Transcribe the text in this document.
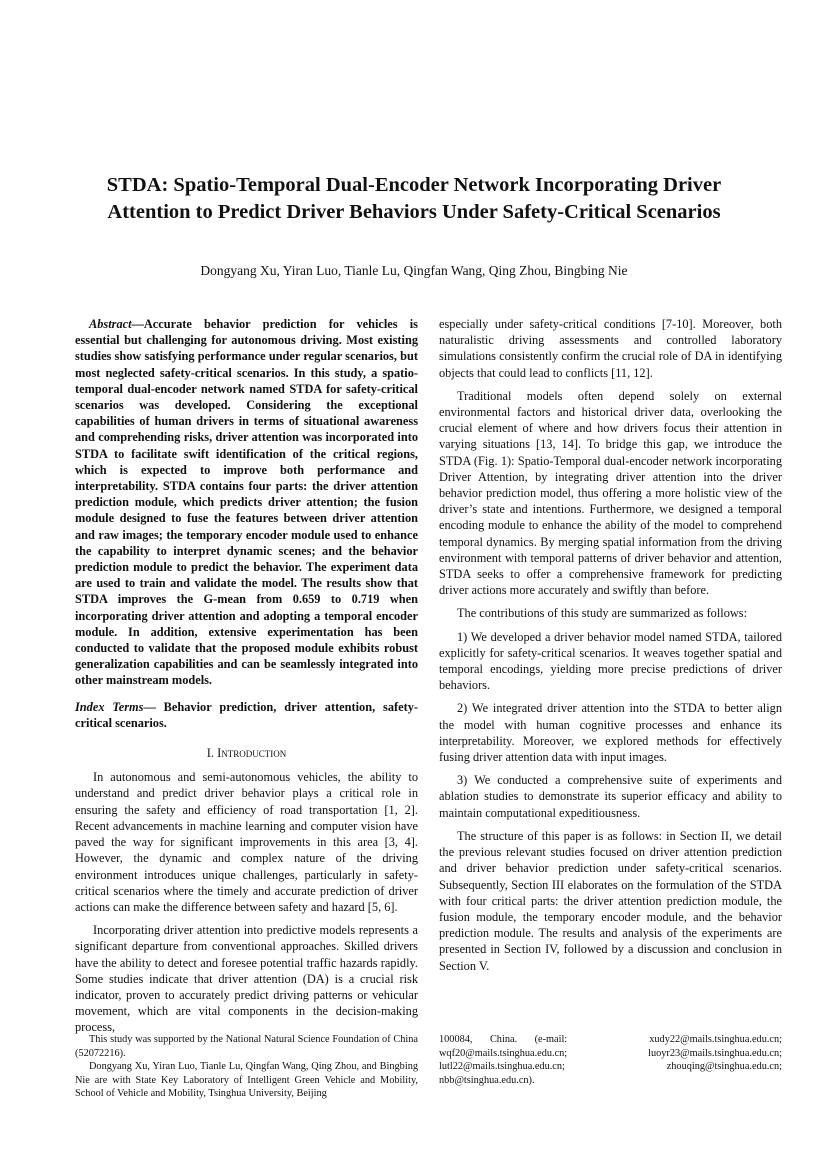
STDA: Spatio-Temporal Dual-Encoder Network Incorporating Driver Attention to Predict Driver Behaviors Under Safety-Critical Scenarios

Dongyang Xu, Yiran Luo, Tianle Lu, Qingfan Wang, Qing Zhou, Bingbing Nie

Abstract—Accurate behavior prediction for vehicles is essential but challenging for autonomous driving. Most existing studies show satisfying performance under regular scenarios, but most neglected safety-critical scenarios. In this study, a spatio-temporal dual-encoder network named STDA for safety-critical scenarios was developed. Considering the exceptional capabilities of human drivers in terms of situational awareness and comprehending risks, driver attention was incorporated into STDA to facilitate swift identification of the critical regions, which is expected to improve both performance and interpretability. STDA contains four parts: the driver attention prediction module, which predicts driver attention; the fusion module designed to fuse the features between driver attention and raw images; the temporary encoder module used to enhance the capability to interpret dynamic scenes; and the behavior prediction module to predict the behavior. The experiment data are used to train and validate the model. The results show that STDA improves the G-mean from 0.659 to 0.719 when incorporating driver attention and adopting a temporal encoder module. In addition, extensive experimentation has been conducted to validate that the proposed module exhibits robust generalization capabilities and can be seamlessly integrated into other mainstream models.

Index Terms— Behavior prediction, driver attention, safety-critical scenarios.

I. Introduction

In autonomous and semi-autonomous vehicles, the ability to understand and predict driver behavior plays a critical role in ensuring the safety and efficiency of road transportation [1, 2]. Recent advancements in machine learning and computer vision have paved the way for significant improvements in this area [3, 4]. However, the dynamic and complex nature of the driving environment introduces unique challenges, particularly in safety-critical scenarios where the timely and accurate prediction of driver actions can make the difference between safety and hazard [5, 6].

Incorporating driver attention into predictive models represents a significant departure from conventional approaches. Skilled drivers have the ability to detect and foresee potential traffic hazards rapidly. Some studies indicate that driver attention (DA) is a crucial risk indicator, proven to accurately predict driving patterns or vehicular movement, which are vital components in the decision-making process,

especially under safety-critical conditions [7-10]. Moreover, both naturalistic driving assessments and controlled laboratory simulations consistently confirm the crucial role of DA in identifying objects that could lead to conflicts [11, 12].

Traditional models often depend solely on external environmental factors and historical driver data, overlooking the crucial element of where and how drivers focus their attention in varying situations [13, 14]. To bridge this gap, we introduce the STDA (Fig. 1): Spatio-Temporal dual-encoder network incorporating Driver Attention, by integrating driver attention into the driver behavior prediction model, thus offering a more holistic view of the driver’s state and intentions. Furthermore, we designed a temporal encoding module to enhance the ability of the model to comprehend temporal dynamics. By merging spatial information from the driving environment with temporal patterns of driver behavior and attention, STDA seeks to offer a comprehensive framework for predicting driver actions more accurately and swiftly than before.

The contributions of this study are summarized as follows:

1) We developed a driver behavior model named STDA, tailored explicitly for safety-critical scenarios. It weaves together spatial and temporal encodings, yielding more precise predictions of driver behaviors.

2) We integrated driver attention into the STDA to better align the model with human cognitive processes and enhance its interpretability. Moreover, we explored methods for effectively fusing driver attention data with input images.

3) We conducted a comprehensive suite of experiments and ablation studies to demonstrate its superior efficacy and ability to maintain computational expeditiousness.

The structure of this paper is as follows: in Section II, we detail the previous relevant studies focused on driver attention prediction and driver behavior prediction under safety-critical scenarios. Subsequently, Section III elaborates on the formulation of the STDA with four critical parts: the driver attention prediction module, the fusion module, the temporary encoder module, and the behavior prediction module. The results and analysis of the experiments are presented in Section IV, followed by a discussion and conclusion in Section V.

This study was supported by the National Natural Science Foundation of China (52072216).

Dongyang Xu, Yiran Luo, Tianle Lu, Qingfan Wang, Qing Zhou, and Bingbing Nie are with State Key Laboratory of Intelligent Green Vehicle and Mobility, School of Vehicle and Mobility, Tsinghua University, Beijing

100084, China. (e-mail:	xudy22@mails.tsinghua.edu.cn;
wqf20@mails.tsinghua.edu.cn;	luoyr23@mails.tsinghua.edu.cn;
lutl22@mails.tsinghua.edu.cn;	zhouqing@tsinghua.edu.cn;
nbb@tsinghua.edu.cn).
